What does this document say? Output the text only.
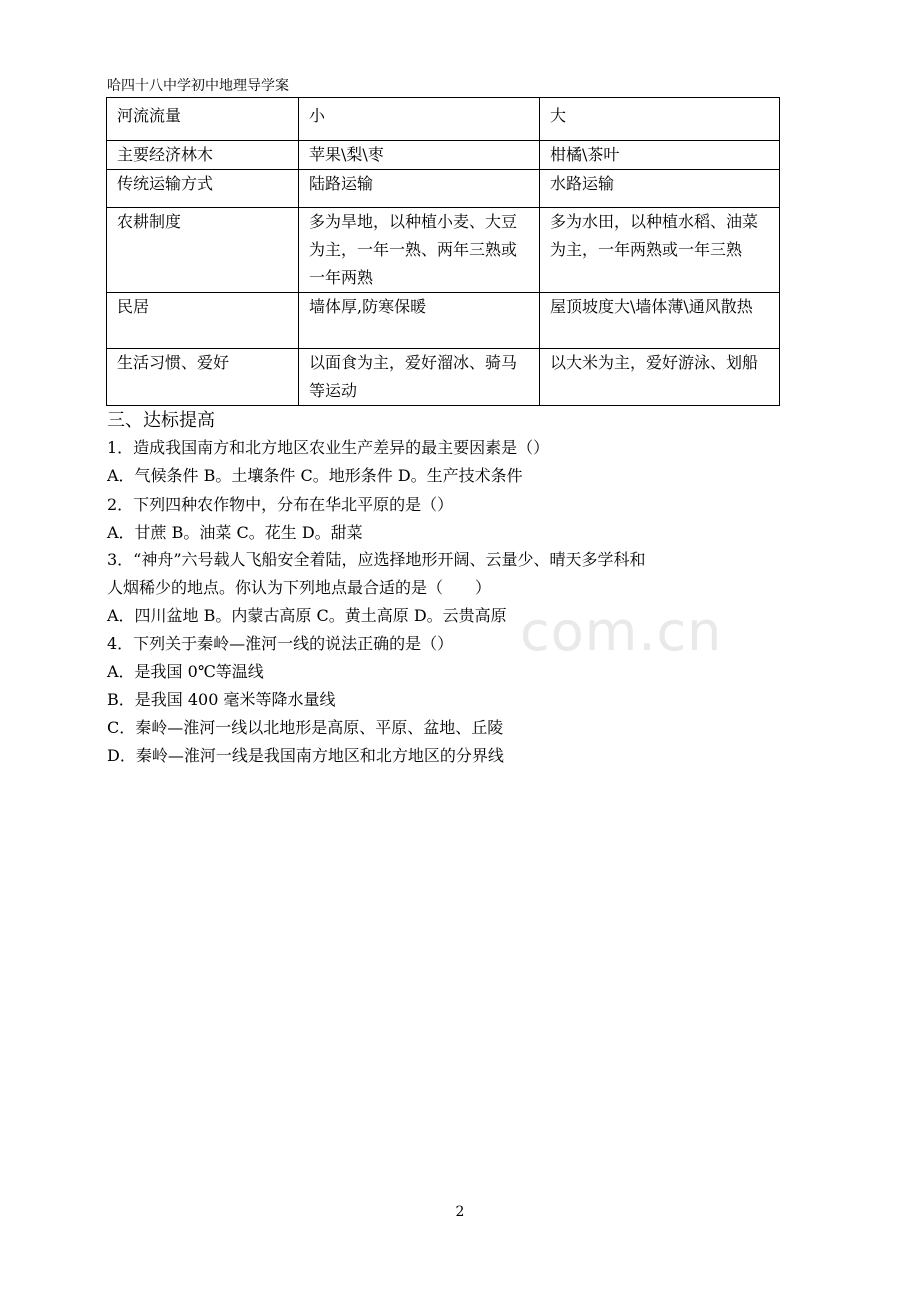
哈四十八中学初中地理导学案
河流流量	小	大
主要经济林木	苹果\梨\枣	柑橘\茶叶
传统运输方式	陆路运输	水路运输
农耕制度	多为旱地，以种植小麦、大豆为主，一年一熟、两年三熟或一年两熟	多为水田，以种植水稻、油菜为主，一年两熟或一年三熟
民居	墙体厚,防寒保暖	屋顶坡度大\墙体薄\通风散热
生活习惯、爱好	以面食为主，爱好溜冰、骑马等运动	以大米为主，爱好游泳、划船
三、达标提高
1．造成我国南方和北方地区农业生产差异的最主要因素是（）
A．气候条件 B。土壤条件 C。地形条件 D。生产技术条件
2．下列四种农作物中，分布在华北平原的是（）
A．甘蔗 B。油菜 C。花生 D。甜菜
3．“神舟”六号载人飞船安全着陆，应选择地形开阔、云量少、晴天多学科和
人烟稀少的地点。你认为下列地点最合适的是（　　）
A．四川盆地 B。内蒙古高原 C。黄土高原 D。云贵高原
4．下列关于秦岭—淮河一线的说法正确的是（）
A．是我国 0℃等温线
B．是我国 400 毫米等降水量线
C．秦岭—淮河一线以北地形是高原、平原、盆地、丘陵
D．秦岭—淮河一线是我国南方地区和北方地区的分界线
com.cn
2
